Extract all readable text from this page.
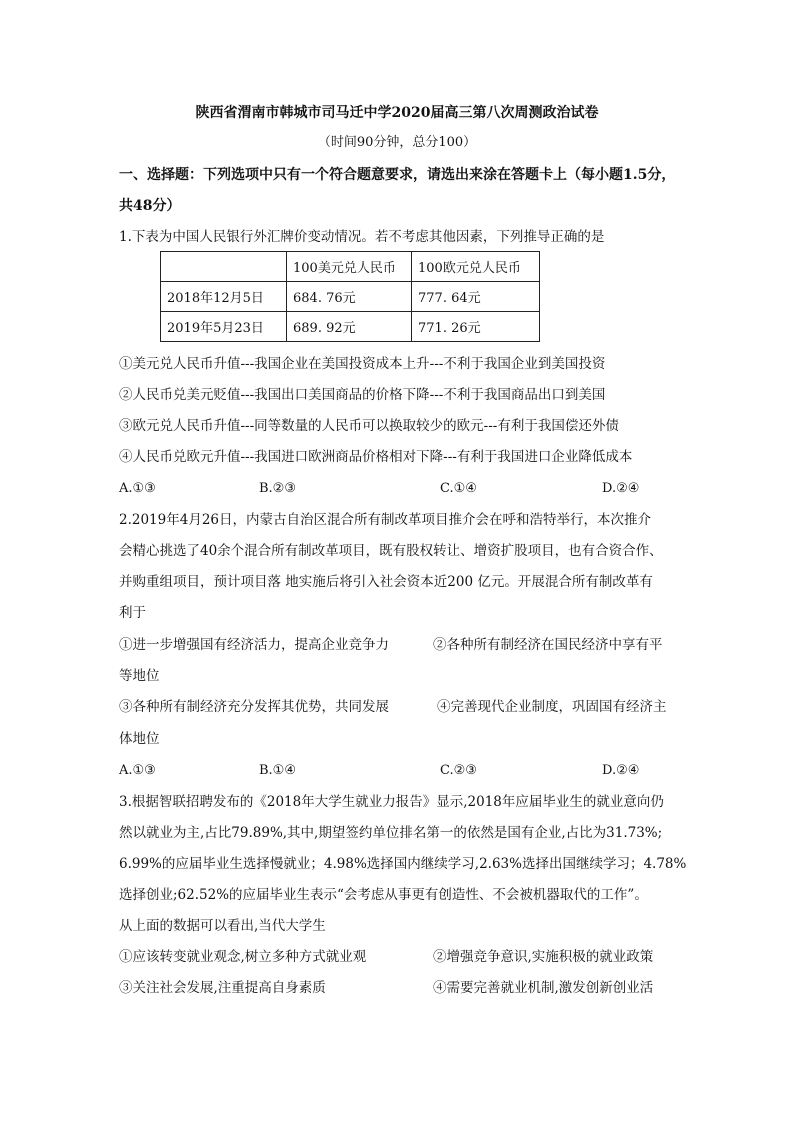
陕西省渭南市韩城市司马迁中学2020届高三第八次周测政治试卷
（时间90分钟，总分100）
一、选择题：下列选项中只有一个符合题意要求，请选出来涂在答题卡上（每小题1.5分，
共48分）
1.下表为中国人民银行外汇牌价变动情况。若不考虑其他因素，下列推导正确的是
	100美元兑人民币	100欧元兑人民币
2018年12月5日	684. 76元	777. 64元
2019年5月23日	689. 92元	771. 26元
①美元兑人民币升值---我国企业在美国投资成本上升---不利于我国企业到美国投资
②人民币兑美元贬值---我国出口美国商品的价格下降---不利于我国商品出口到美国
③欧元兑人民币升值---同等数量的人民币可以换取较少的欧元---有利于我国偿还外债
④人民币兑欧元升值---我国进口欧洲商品价格相对下降---有利于我国进口企业降低成本
A.①③	B.②③	C.①④	D.②④
2.2019年4月26日，内蒙古自治区混合所有制改革项目推介会在呼和浩特举行，本次推介
会精心挑选了40余个混合所有制改革项目，既有股权转让、增资扩股项目，也有合资合作、
并购重组项目，预计项目落 地实施后将引入社会资本近200 亿元。开展混合所有制改革有
利于
①进一步增强国有经济活力，提高企业竞争力	②各种所有制经济在国民经济中享有平
等地位
③各种所有制经济充分发挥其优势，共同发展	④完善现代企业制度，巩固国有经济主
体地位
A.①③	B.①④	C.②③	D.②④
3.根据智联招聘发布的《2018年大学生就业力报告》显示,2018年应届毕业生的就业意向仍
然以就业为主,占比79.89%,其中,期望签约单位排名第一的依然是国有企业,占比为31.73%;
6.99%的应届毕业生选择慢就业；4.98%选择国内继续学习,2.63%选择出国继续学习；4.78%
选择创业;62.52%的应届毕业生表示“会考虑从事更有创造性、不会被机器取代的工作”。
从上面的数据可以看出,当代大学生
①应该转变就业观念,树立多种方式就业观	②增强竞争意识,实施积极的就业政策
③关注社会发展,注重提高自身素质	④需要完善就业机制,激发创新创业活
